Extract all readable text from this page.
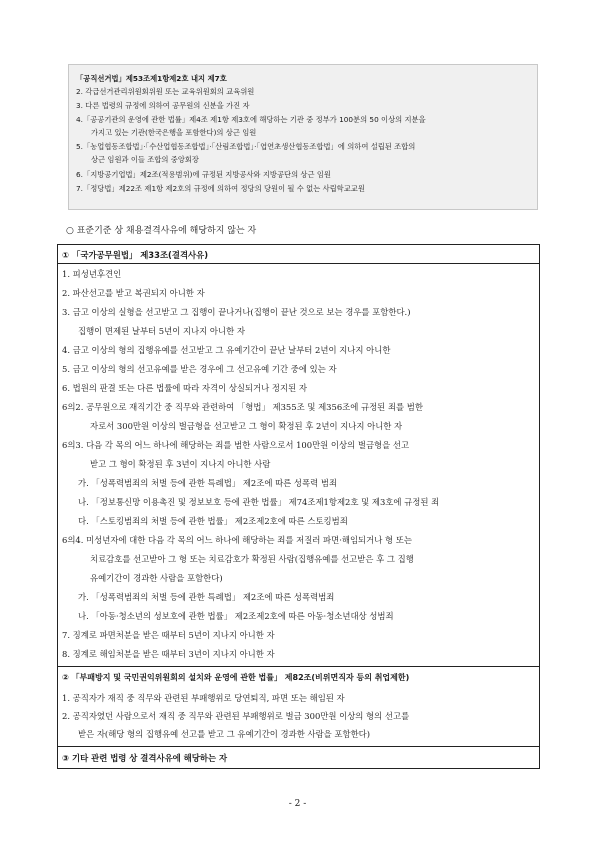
「공직선거법」제53조제1항제2호 내지 제7호
2. 각급선거관리위원회위원 또는 교육위원회의 교육위원
3. 다른 법령의 규정에 의하여 공무원의 신분을 가진 자
4.「공공기관의 운영에 관한 법률」제4조 제1항 제3호에 해당하는 기관 중 정부가 100분의 50 이상의 지분을
가지고 있는 기관(한국은행을 포함한다)의 상근 임원
5.「농업협동조합법」·「수산업협동조합법」·「산림조합법」·「엽연초생산협동조합법」에 의하여 설립된 조합의
상근 임원과 이들 조합의 중앙회장
6.「지방공기업법」제2조(적용범위)에 규정된 지방공사와 지방공단의 상근 임원
7.「정당법」제22조 제1항 제2호의 규정에 의하여 정당의 당원이 될 수 없는 사립학교교원
○ 표준기준 상 채용결격사유에 해당하지 않는 자
① 「국가공무원법」 제33조(결격사유)
1. 피성년후견인
2. 파산선고를 받고 복권되지 아니한 자
3. 금고 이상의 실형을 선고받고 그 집행이 끝나거나(집행이 끝난 것으로 보는 경우를 포함한다.)
집행이 면제된 날부터 5년이 지나지 아니한 자
4. 금고 이상의 형의 집행유예를 선고받고 그 유예기간이 끝난 날부터 2년이 지나지 아니한
5. 금고 이상의 형의 선고유예를 받은 경우에 그 선고유예 기간 중에 있는 자
6. 법원의 판결 또는 다른 법률에 따라 자격이 상실되거나 정지된 자
6의2. 공무원으로 재직기간 중 직무와 관련하여 「형법」 제355조 및 제356조에 규정된 죄를 범한
자로서 300만원 이상의 벌금형을 선고받고 그 형이 확정된 후 2년이 지나지 아니한 자
6의3. 다음 각 목의 어느 하나에 해당하는 죄를 범한 사람으로서 100만원 이상의 벌금형을 선고
받고 그 형이 확정된 후 3년이 지나지 아니한 사람
가. 「성폭력범죄의 처벌 등에 관한 특례법」 제2조에 따른 성폭력 범죄
나. 「정보통신망 이용촉진 및 정보보호 등에 관한 법률」 제74조제1항제2호 및 제3호에 규정된 죄
다. 「스토킹범죄의 처벌 등에 관한 법률」 제2조제2호에 따른 스토킹범죄
6의4. 미성년자에 대한 다음 각 목의 어느 하나에 해당하는 죄를 저질러 파면·해임되거나 형 또는
치료감호를 선고받아 그 형 또는 치료감호가 확정된 사람(집행유예를 선고받은 후 그 집행
유예기간이 경과한 사람을 포함한다)
가. 「성폭력범죄의 처벌 등에 관한 특례법」 제2조에 따른 성폭력범죄
나. 「아동·청소년의 성보호에 관한 법률」 제2조제2호에 따른 아동·청소년대상 성범죄
7. 징계로 파면처분을 받은 때부터 5년이 지나지 아니한 자
8. 징계로 해임처분을 받은 때부터 3년이 지나지 아니한 자
② 「부패방지 및 국민권익위원회의 설치와 운영에 관한 법률」 제82조(비위면직자 등의 취업제한)
1. 공직자가 재직 중 직무와 관련된 부패행위로 당연퇴직, 파면 또는 해임된 자
2. 공직자였던 사람으로서 재직 중 직무와 관련된 부패행위로 벌금 300만원 이상의 형의 선고를
받은 자(해당 형의 집행유예 선고를 받고 그 유예기간이 경과한 사람을 포함한다)
③ 기타 관련 법령 상 결격사유에 해당하는 자
- 2 -
